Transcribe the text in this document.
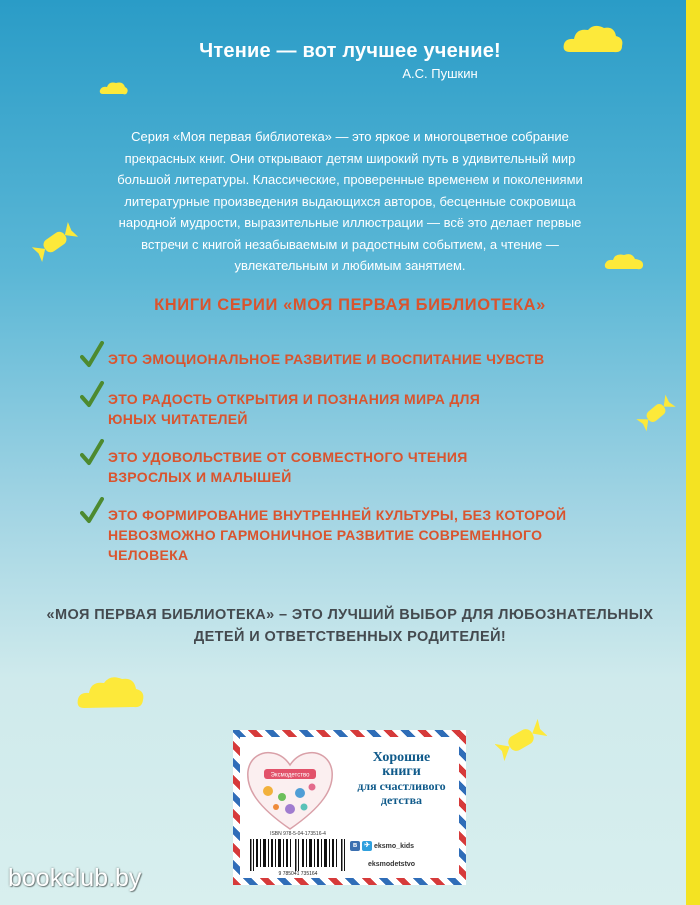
Чтение — вот лучшее учение!
А.С. Пушкин
Серия «Моя первая библиотека» — это яркое и многоцветное собрание прекрасных книг. Они открывают детям широкий путь в удивительный мир большой литературы. Классические, проверенные временем и поколениями литературные произведения выдающихся авторов, бесценные сокровища народной мудрости, выразительные иллюстрации — всё это делает первые встречи с книгой незабываемым и радостным событием, а чтение — увлекательным и любимым занятием.
КНИГИ СЕРИИ «МОЯ ПЕРВАЯ БИБЛИОТЕКА»
ЭТО ЭМОЦИОНАЛЬНОЕ РАЗВИТИЕ И ВОСПИТАНИЕ ЧУВСТВ
ЭТО РАДОСТЬ ОТКРЫТИЯ И ПОЗНАНИЯ МИРА ДЛЯ ЮНЫХ ЧИТАТЕЛЕЙ
ЭТО УДОВОЛЬСТВИЕ ОТ СОВМЕСТНОГО ЧТЕНИЯ ВЗРОСЛЫХ И МАЛЫШЕЙ
ЭТО ФОРМИРОВАНИЕ ВНУТРЕННЕЙ КУЛЬТУРЫ, БЕЗ КОТОРОЙ НЕВОЗМОЖНО ГАРМОНИЧНОЕ РАЗВИТИЕ СОВРЕМЕННОГО ЧЕЛОВЕКА
«МОЯ ПЕРВАЯ БИБЛИОТЕКА» – ЭТО ЛУЧШИЙ ВЫБОР ДЛЯ ЛЮБОЗНАТЕЛЬНЫХ ДЕТЕЙ И ОТВЕТСТВЕННЫХ РОДИТЕЛЕЙ!
Эксмодетство
Хорошие
книги
для счастливого
детства
ISBN 978-5-04-173516-4
9 785041 735164
в ✈ eksmo_kids
eksmodetstvo
bookclub.by
